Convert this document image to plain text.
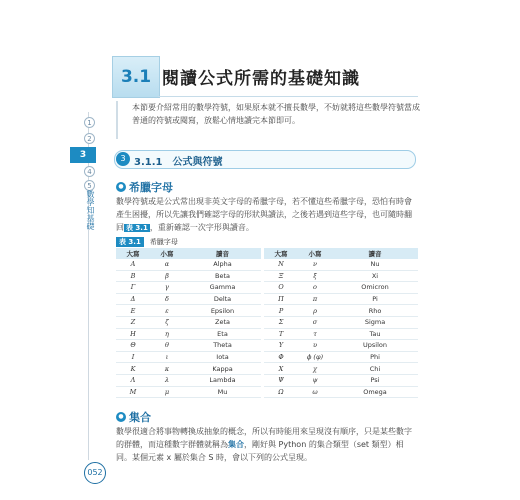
1
2
3
4
5
數學知基礎
052
3.1 閱讀公式所需的基礎知識
本節要介紹常用的數學符號，如果原本就不擅長數學，不妨就將這些數學符號當成普通的符號或閱寫，放鬆心情地讀完本節即可。
3 3.1.1　公式與符號
● 希臘字母
數學符號或是公式常出現非英文字母的希臘字母，若不懂這些希臘字母，恐怕有時會產生困擾，所以先讓我們確認字母的形狀與讀法，之後若遇到這些字母，也可隨時翻回 表 3.1 ，重新確認一次字形與讀音。
表 3.1 希臘字母
大寫	小寫	讀音		大寫	小寫	讀音
A	α	Alpha		N	ν	Nu
B	β	Beta		Ξ	ξ	Xi
Γ	γ	Gamma		O	ο	Omicron
Δ	δ	Delta		Π	π	Pi
E	ε	Epsilon		P	ρ	Rho
Z	ζ	Zeta		Σ	σ	Sigma
H	η	Eta		T	τ	Tau
Θ	θ	Theta		Υ	υ	Upsilon
I	ι	Iota		Φ	ϕ (φ)	Phi
K	κ	Kappa		X	χ	Chi
Λ	λ	Lambda		Ψ	ψ	Psi
M	μ	Mu		Ω	ω	Omega
● 集合
數學很適合將事物轉換成抽象的概念，所以有時能用來呈現沒有順序，只是某些數字的群體，而這種數字群體就稱為集合，剛好與 Python 的集合類型（set 類型）相同。某個元素 x 屬於集合 S 時，會以下列的公式呈現。
